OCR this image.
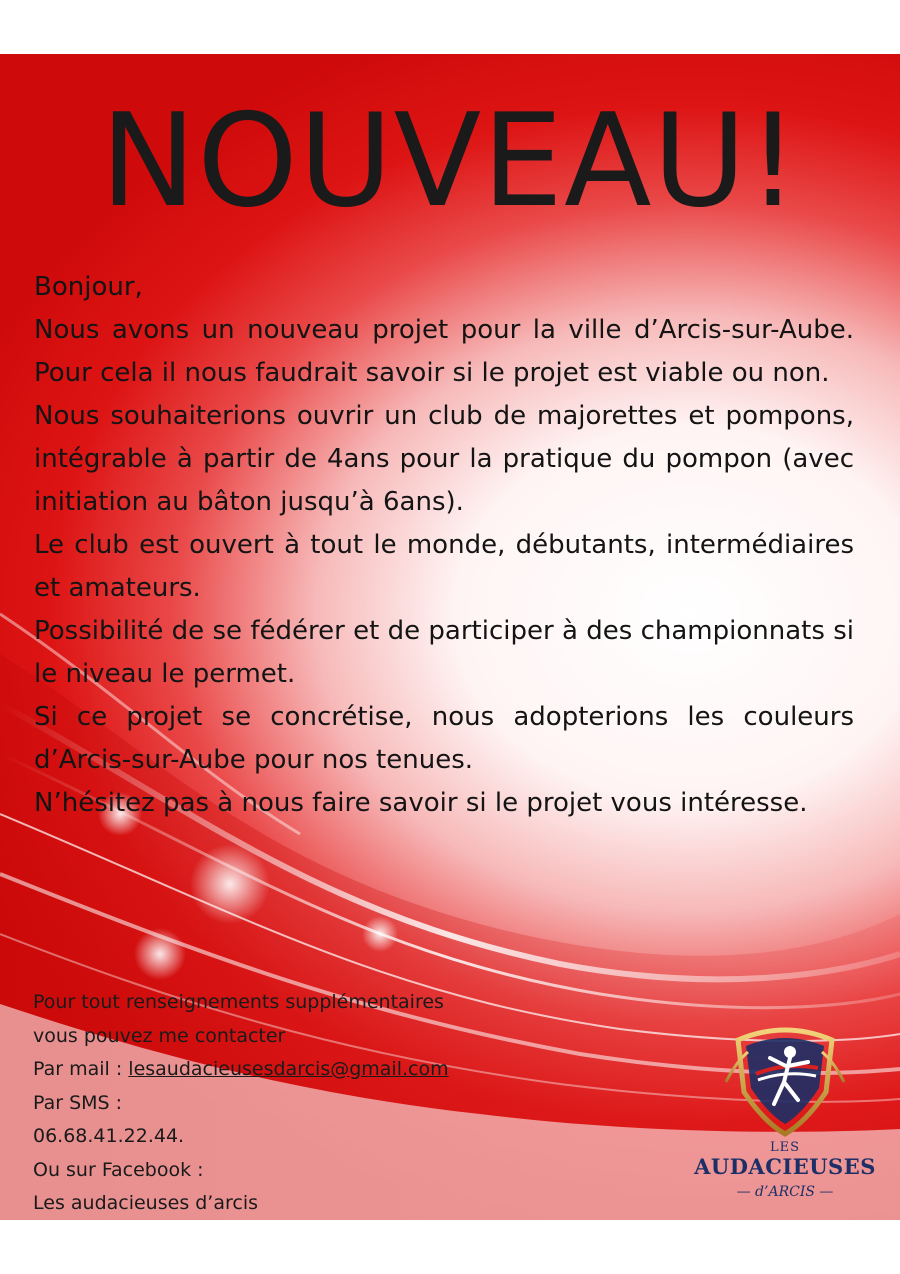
NOUVEAU!

Bonjour,

Nous avons un nouveau projet pour la ville d’Arcis-sur-Aube. Pour cela il nous faudrait savoir si le projet est viable ou non.

Nous souhaiterions ouvrir un club de majorettes et pompons, intégrable à partir de 4ans pour la pratique du pompon (avec initiation au bâton jusqu’à 6ans).

Le club est ouvert à tout le monde, débutants, intermédiaires et amateurs.

Possibilité de se fédérer et de participer à des championnats si le niveau le permet.

Si ce projet se concrétise, nous adopterions les couleurs d’Arcis-sur-Aube pour nos tenues.

N’hésitez pas à nous faire savoir si le projet vous intéresse.

Pour tout renseignements supplémentaires
vous pouvez me contacter
Par mail : lesaudacieusesdarcis@gmail.com
Par SMS :
06.68.41.22.44.
Ou sur Facebook :
Les audacieuses d’arcis
LES
AUDACIEUSES
— d’ARCIS —
